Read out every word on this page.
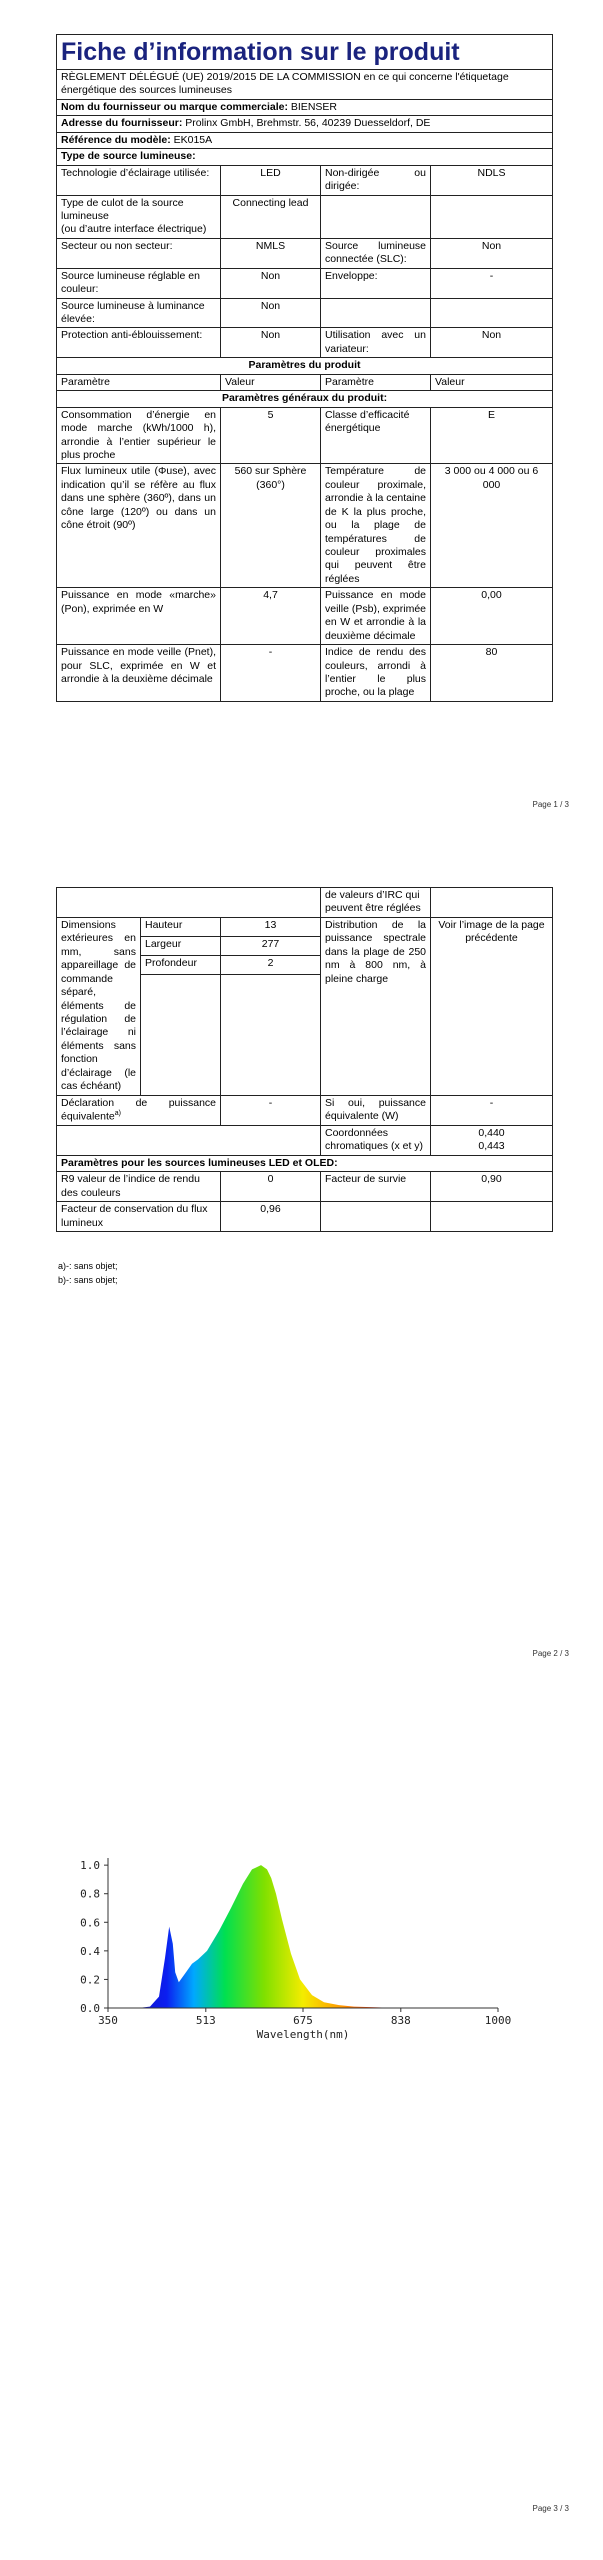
Fiche d’information sur le produit			
RÈGLEMENT DÉLÉGUÉ (UE) 2019/2015 DE LA COMMISSION en ce qui concerne l'étiquetage énergétique des sources lumineuses			
Nom du fournisseur ou marque commerciale: BIENSER			
Adresse du fournisseur: Prolinx GmbH, Brehmstr. 56, 40239 Duesseldorf, DE			
Référence du modèle: EK015A			
Type de source lumineuse:			
Technologie d’éclairage utilisée:	LED	Non-dirigée ou dirigée:	NDLS
Type de culot de la source lumineuse
(ou d’autre interface électrique)	Connecting lead		
Secteur ou non secteur:	NMLS	Source lumineuse connectée (SLC):	Non
Source lumineuse réglable en couleur:	Non	Enveloppe:	-
Source lumineuse à luminance élevée:	Non		
Protection anti-éblouissement:	Non	Utilisation avec un variateur:	Non
Paramètres du produit			
Paramètre	Valeur	Paramètre	Valeur
Paramètres généraux du produit:			
Consommation d’énergie en mode marche (kWh/1000 h), arrondie à l’entier supérieur le plus proche	5	Classe d’efficacité énergétique	E
Flux lumineux utile (Φuse), avec indication qu’il se réfère au flux dans une sphère (360º), dans un cône large (120º) ou dans un cône étroit (90º)	560 sur Sphère (360°)	Température de couleur proximale, arrondie à la centaine de K la plus proche, ou la plage de températures de couleur proximales qui peuvent être réglées	3 000 ou 4 000 ou 6 000
Puissance en mode «marche» (Pon), exprimée en W	4,7	Puissance en mode veille (Psb), exprimée en W et arrondie à la deuxième décimale	0,00
Puissance en mode veille (Pnet), pour SLC, exprimée en W et arrondie à la deuxième décimale	-	Indice de rendu des couleurs, arrondi à l’entier le plus proche, ou la plage	80
Page 1 / 3
			de valeurs d’IRC qui peuvent être réglées	
Dimensions extérieures en mm, sans appareillage de commande séparé, éléments de régulation de l’éclairage ni éléments sans fonction d’éclairage (le cas échéant)	Hauteur	13	Distribution de la puissance spectrale dans la plage de 250 nm à 800 nm, à pleine charge	Voir l’image de la page précédente
	Largeur	277		
	Profondeur	2		

Déclaration de puissance équivalente$^{a)}$		-	Si oui, puissance équivalente (W)	-
			Coordonnées chromatiques (x et y)	0,440
0,443
Paramètres pour les sources lumineuses LED et OLED:				
R9 valeur de l’indice de rendu des couleurs		0	Facteur de survie	0,90
Facteur de conservation du flux lumineux		0,96		
a)-: sans objet;
b)-: sans objet;
Page 2 / 3
Page 3 / 3
0.0
0.2
0.4
0.6
0.8
1.0
350	513	675	838	1000
Wavelength(nm)
